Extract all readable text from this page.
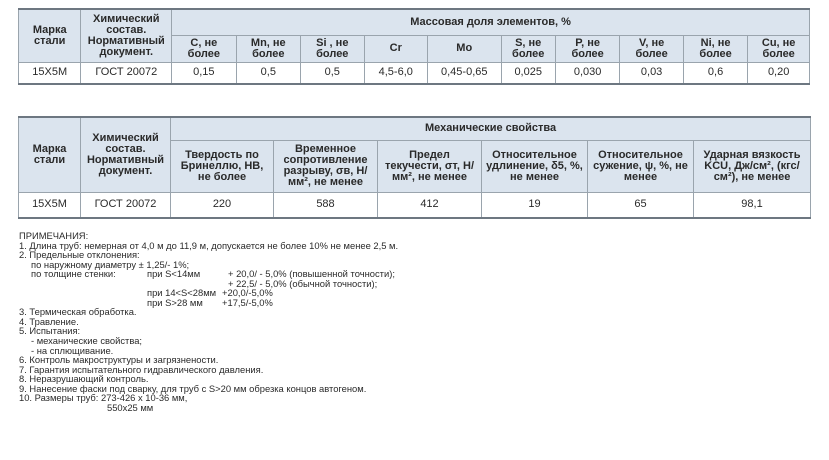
Марка стали	Химический состав. Нормативный документ.	Массовая доля элементов, %									
		C, не более	Mn, не более	Si , не более	Cr	Mo	S, не более	P, не более	V, не более	Ni, не более	Cu, не более
15Х5М	ГОСТ 20072	0,15	0,5	0,5	4,5-6,0	0,45-0,65	0,025	0,030	0,03	0,6	0,20
Марка стали	Химический состав. Нормативный документ.	Механические свойства					
		Твердость по Бринеллю, НВ, не более	Временное сопротивление разрыву, σв, Н/мм², не менее	Предел текучести, σт, Н/мм², не менее	Относительное удлинение, δ5, %, не менее	Относительное сужение, ψ, %, не менее	Ударная вязкость KCU, Дж/см², (кгс/см²), не менее
15Х5М	ГОСТ 20072	220	588	412	19	65	98,1
ПРИМЕЧАНИЯ:
1. Длина труб: немерная от 4,0 м до 11,9 м, допускается не более 10% не менее 2,5 м.
2. Предельные отклонения:

по наружному диаметру ± 1,25/- 1%;

по толщине стенки:

	при S<14мм

	+ 20,0/ - 5,0% (повышенной точности);

+ 22,5/ - 5,0% (обычной точности);

при 14<S<28мм

+20,0/-5,0%

при S>28 мм

+17,5/-5,0%

3. Термическая обработка.
4. Травление.
5. Испытания:

- механические свойства;

- на сплющивание.

6. Контроль макроструктуры и загрязнености.
7. Гарантия испытательного гидравлического давления.
8. Неразрушающий контроль.
9. Нанесение фаски под сварку, для труб с S>20 мм обрезка концов автогеном.
10. Размеры труб: 273-426 х 10-36 мм,

550х25 мм
